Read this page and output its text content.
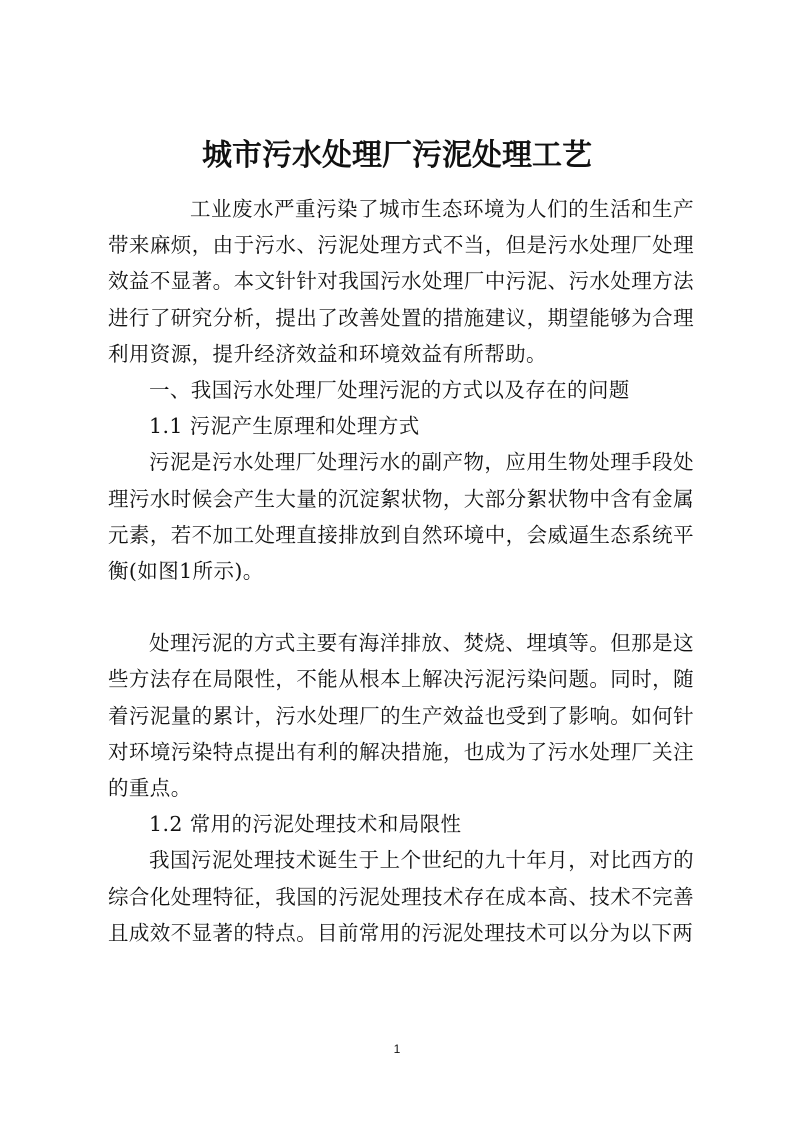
城市污水处理厂污泥处理工艺

工业废水严重污染了城市生态环境为人们的生活和生产带来麻烦，由于污水、污泥处理方式不当，但是污水处理厂处理效益不显著。本文针针对我国污水处理厂中污泥、污水处理方法进行了研究分析，提出了改善处置的措施建议，期望能够为合理利用资源，提升经济效益和环境效益有所帮助。

一、我国污水处理厂处理污泥的方式以及存在的问题

1.1 污泥产生原理和处理方式

污泥是污水处理厂处理污水的副产物，应用生物处理手段处理污水时候会产生大量的沉淀絮状物，大部分絮状物中含有金属元素，若不加工处理直接排放到自然环境中，会威逼生态系统平衡(如图1所示)。

处理污泥的方式主要有海洋排放、焚烧、埋填等。但那是这些方法存在局限性，不能从根本上解决污泥污染问题。同时，随着污泥量的累计，污水处理厂的生产效益也受到了影响。如何针对环境污染特点提出有利的解决措施，也成为了污水处理厂关注的重点。

1.2 常用的污泥处理技术和局限性

我国污泥处理技术诞生于上个世纪的九十年月，对比西方的综合化处理特征，我国的污泥处理技术存在成本高、技术不完善且成效不显著的特点。目前常用的污泥处理技术可以分为以下两

1
